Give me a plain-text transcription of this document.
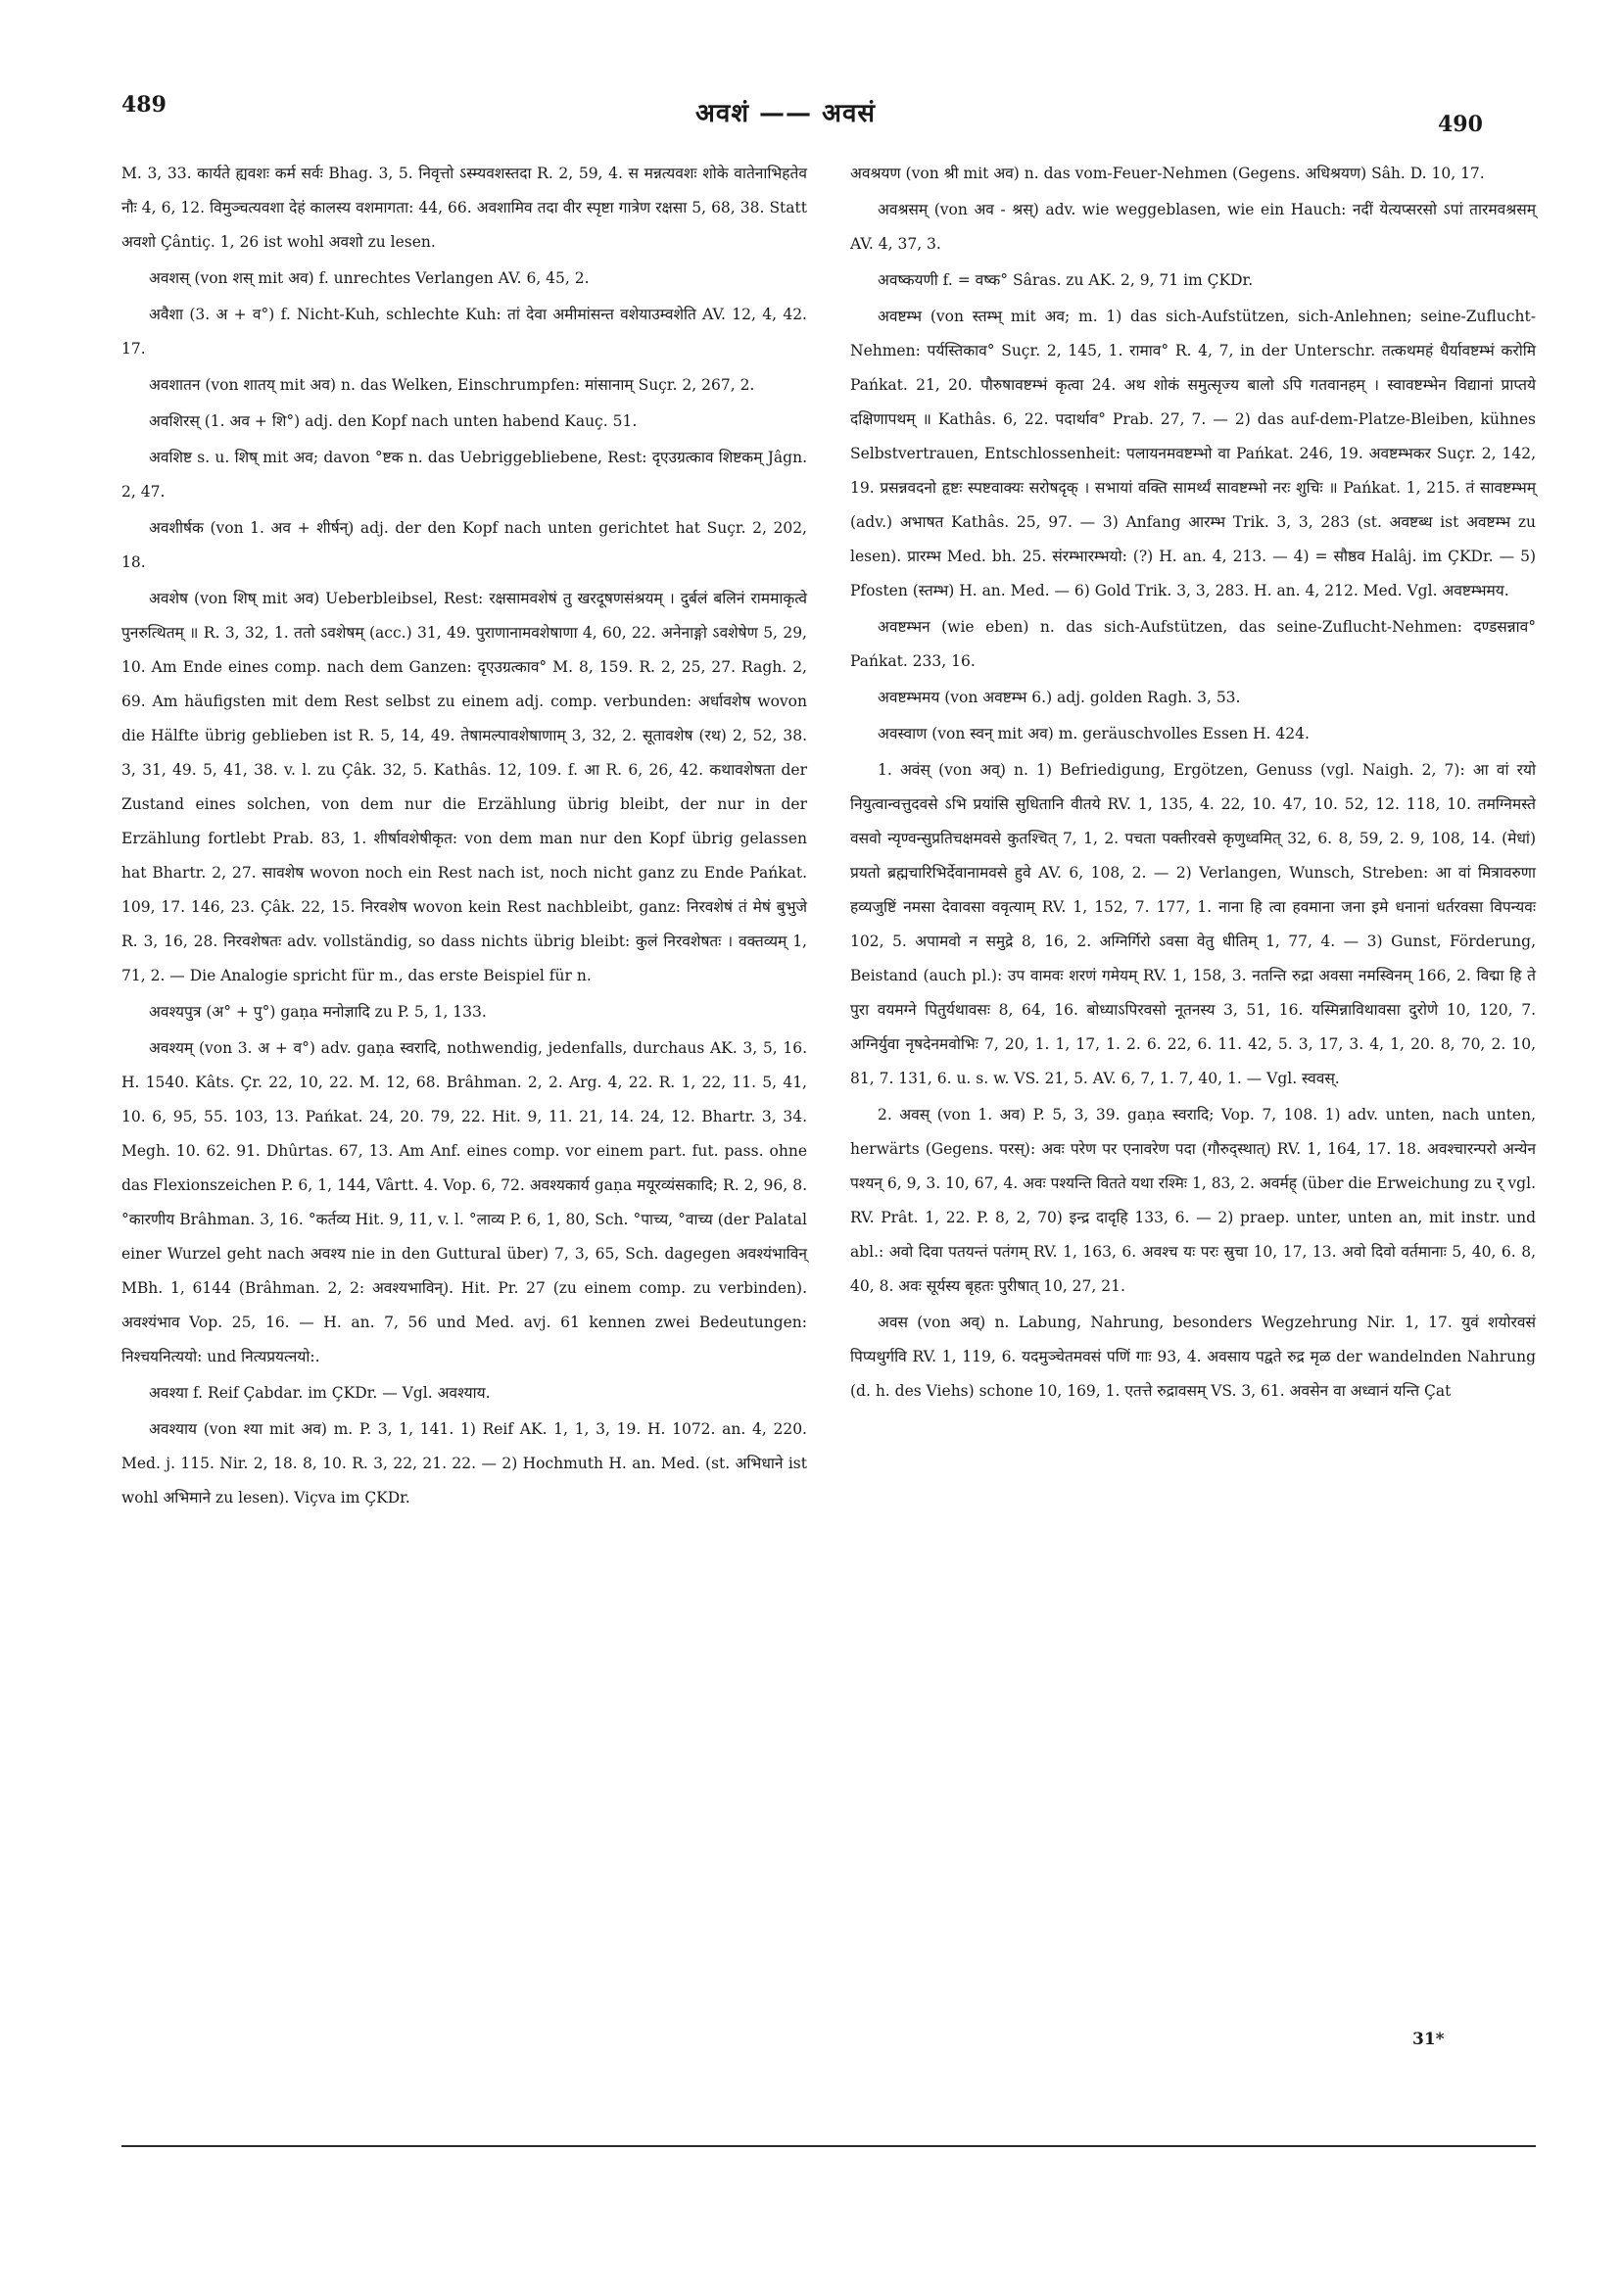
489	अवशं —— अवसं	490

M. 3, 33. कार्यते ह्यवशः कर्म सर्वः Bhag. 3, 5. निवृत्तो ऽस्म्यवशस्तदा R. 2, 59, 4. स मन्नत्यवशः शोके वातेनाभिहतेव नौः 4, 6, 12. विमुञ्चत्यवशा देहं कालस्य वशमागता: 44, 66. अवशामिव तदा वीर स्पृष्टा गात्रेण रक्षसा 5, 68, 38. Statt अवशो Çântiç. 1, 26 ist wohl अवशो zu lesen.

अवशस् (von शस् mit अव) f. unrechtes Verlangen AV. 6, 45, 2.

अवैशा (3. अ + व°) f. Nicht-Kuh, schlechte Kuh: तां देवा अमीमांसन्त वशेयाउम्वशेति AV. 12, 4, 42. 17.

अवशातन (von शातय् mit अव) n. das Welken, Einschrumpfen: मांसानाम् Suçr. 2, 267, 2.

अवशिरस् (1. अव + शि°) adj. den Kopf nach unten habend Kauç. 51.

अवशिष्ट s. u. शिष् mit अव; davon °ष्टक n. das Uebriggebliebene, Rest: दृएउग्रत्काव शिष्टकम् Jâgn. 2, 47.

अवशीर्षक (von 1. अव + शीर्षन्) adj. der den Kopf nach unten gerichtet hat Suçr. 2, 202, 18.

अवशेष (von शिष् mit अव) Ueberbleibsel, Rest: रक्षसामवशेषं तु खरदूषणसंश्रयम् । दुर्बलं बलिनं राममाकृत्वे पुनरुत्थितम् ॥ R. 3, 32, 1. ततो ऽवशेषम् (acc.) 31, 49. पुराणानामवशेषाणा 4, 60, 22. अनेनाङ्गो ऽवशेषेण 5, 29, 10. Am Ende eines comp. nach dem Ganzen: दृएउग्रत्काव° M. 8, 159. R. 2, 25, 27. Ragh. 2, 69. Am häufigsten mit dem Rest selbst zu einem adj. comp. verbunden: अर्धावशेष wovon die Hälfte übrig geblieben ist R. 5, 14, 49. तेषामल्पावशेषाणाम् 3, 32, 2. सूतावशेष (रथ) 2, 52, 38. 3, 31, 49. 5, 41, 38. v. l. zu Çâk. 32, 5. Kathâs. 12, 109. f. आ R. 6, 26, 42. कथावशेषता der Zustand eines solchen, von dem nur die Erzählung übrig bleibt, der nur in der Erzählung fortlebt Prab. 83, 1. शीर्षावशेषीकृत: von dem man nur den Kopf übrig gelassen hat Bhartr. 2, 27. सावशेष wovon noch ein Rest nach ist, noch nicht ganz zu Ende Pańkat. 109, 17. 146, 23. Çâk. 22, 15. निरवशेष wovon kein Rest nachbleibt, ganz: निरवशेषं तं मेषं बुभुजे R. 3, 16, 28. निरवशेषतः adv. vollständig, so dass nichts übrig bleibt: कुलं निरवशेषतः । वक्तव्यम् 1, 71, 2. — Die Analogie spricht für m., das erste Beispiel für n.

अवश्यपुत्र (अ° + पु°) gaṇa मनोज्ञादि zu P. 5, 1, 133.

अवश्यम् (von 3. अ + व°) adv. gaṇa स्वरादि, nothwendig, jedenfalls, durchaus AK. 3, 5, 16. H. 1540. Kâts. Çr. 22, 10, 22. M. 12, 68. Brâhman. 2, 2. Arg. 4, 22. R. 1, 22, 11. 5, 41, 10. 6, 95, 55. 103, 13. Pańkat. 24, 20. 79, 22. Hit. 9, 11. 21, 14. 24, 12. Bhartr. 3, 34. Megh. 10. 62. 91. Dhûrtas. 67, 13. Am Anf. eines comp. vor einem part. fut. pass. ohne das Flexionszeichen P. 6, 1, 144, Vârtt. 4. Vop. 6, 72. अवश्यकार्य gaṇa मयूरव्यंसकादि; R. 2, 96, 8. °कारणीय Brâhman. 3, 16. °कर्तव्य Hit. 9, 11, v. l. °लाव्य P. 6, 1, 80, Sch. °पाच्य, °वाच्य (der Palatal einer Wurzel geht nach अवश्य nie in den Guttural über) 7, 3, 65, Sch. dagegen अवश्यंभाविन् MBh. 1, 6144 (Brâhman. 2, 2: अवश्यभाविन्). Hit. Pr. 27 (zu einem comp. zu verbinden). अवश्यंभाव Vop. 25, 16. — H. an. 7, 56 und Med. avj. 61 kennen zwei Bedeutungen: निश्चयनित्ययो: und नित्यप्रयत्नयो:.

अवश्या f. Reif Çabdar. im ÇKDr. — Vgl. अवश्याय.

अवश्याय (von श्या mit अव) m. P. 3, 1, 141. 1) Reif AK. 1, 1, 3, 19. H. 1072. an. 4, 220. Med. j. 115. Nir. 2, 18. 8, 10. R. 3, 22, 21. 22. — 2) Hochmuth H. an. Med. (st. अभिधाने ist wohl अभिमाने zu lesen). Viçva im ÇKDr.

अवश्रयण (von श्री mit अव) n. das vom-Feuer-Nehmen (Gegens. अधिश्रयण) Sâh. D. 10, 17.

अवश्रसम् (von अव - श्रस्) adv. wie weggeblasen, wie ein Hauch: नदीं येत्यप्सरसो ऽपां तारमवश्रसम् AV. 4, 37, 3.

अवष्कयणी f. = वष्क° Sâras. zu AK. 2, 9, 71 im ÇKDr.

अवष्टम्भ (von स्तम्भ् mit अव; m. 1) das sich-Aufstützen, sich-Anlehnen; seine-Zuflucht-Nehmen: पर्यस्तिकाव° Suçr. 2, 145, 1. रामाव° R. 4, 7, in der Unterschr. तत्कथमहं धैर्यावष्टम्भं करोमि Pańkat. 21, 20. पौरुषावष्टम्भं कृत्वा 24. अथ शोकं समुत्सृज्य बालो ऽपि गतवानहम् । स्वावष्टम्भेन विद्यानां प्राप्तये दक्षिणापथम् ॥ Kathâs. 6, 22. पदार्थाव° Prab. 27, 7. — 2) das auf-dem-Platze-Bleiben, kühnes Selbstvertrauen, Entschlossenheit: पलायनमवष्टम्भो वा Pańkat. 246, 19. अवष्टम्भकर Suçr. 2, 142, 19. प्रसन्नवदनो हृष्टः स्पष्टवाक्यः सरोषदृक् । सभायां वक्ति सामर्थ्यं सावष्टम्भो नरः शुचिः ॥ Pańkat. 1, 215. तं सावष्टम्भम् (adv.) अभाषत Kathâs. 25, 97. — 3) Anfang आरम्भ Trik. 3, 3, 283 (st. अवष्टब्ध ist अवष्टम्भ zu lesen). प्रारम्भ Med. bh. 25. संरम्भारम्भयो: (?) H. an. 4, 213. — 4) = सौष्ठव Halâj. im ÇKDr. — 5) Pfosten (स्तम्भ) H. an. Med. — 6) Gold Trik. 3, 3, 283. H. an. 4, 212. Med. Vgl. अवष्टम्भमय.

अवष्टम्भन (wie eben) n. das sich-Aufstützen, das seine-Zuflucht-Nehmen: दण्डसन्नाव° Pańkat. 233, 16.

अवष्टम्भमय (von अवष्टम्भ 6.) adj. golden Ragh. 3, 53.

अवस्वाण (von स्वन् mit अव) m. geräuschvolles Essen H. 424.

1. अवंस् (von अव्) n. 1) Befriedigung, Ergötzen, Genuss (vgl. Naigh. 2, 7): आ वां रयो नियुत्वान्वत्तुदवसे ऽभि प्रयांसि सुधितानि वीतये RV. 1, 135, 4. 22, 10. 47, 10. 52, 12. 118, 10. तमग्निमस्ते वसवो न्यृण्वन्सुप्रतिचक्षमवसे कुतश्चित् 7, 1, 2. पचता पक्तीरवसे कृणुध्वमित् 32, 6. 8, 59, 2. 9, 108, 14. (मेधां) प्रयतो ब्रह्मचारिभिर्देवानामवसे हुवे AV. 6, 108, 2. — 2) Verlangen, Wunsch, Streben: आ वां मित्रावरुणा हव्यजुष्टिं नमसा देवावसा ववृत्याम् RV. 1, 152, 7. 177, 1. नाना हि त्वा हवमाना जना इमे धनानां धर्तरवसा विपन्यवः 102, 5. अपामवो न समुद्रे 8, 16, 2. अग्निर्गिरो ऽवसा वेतु धीतिम् 1, 77, 4. — 3) Gunst, Förderung, Beistand (auch pl.): उप वामवः शरणं गमेयम् RV. 1, 158, 3. नतन्ति रुद्रा अवसा नमस्विनम् 166, 2. विद्मा हि ते पुरा वयमग्ने पितुर्यथावसः 8, 64, 16. बोध्याऽपिरवसो नूतनस्य 3, 51, 16. यस्मिन्नाविथावसा दुरोणे 10, 120, 7. अग्निर्युवा नृषदेनमवोभिः 7, 20, 1. 1, 17, 1. 2. 6. 22, 6. 11. 42, 5. 3, 17, 3. 4, 1, 20. 8, 70, 2. 10, 81, 7. 131, 6. u. s. w. VS. 21, 5. AV. 6, 7, 1. 7, 40, 1. — Vgl. स्ववस्.

2. अवस् (von 1. अव) P. 5, 3, 39. gaṇa स्वरादि; Vop. 7, 108. 1) adv. unten, nach unten, herwärts (Gegens. परस्): अवः परेण पर एनावरेण पदा (गौरुद्स्थात्) RV. 1, 164, 17. 18. अवश्चारन्परो अन्येन पश्यन् 6, 9, 3. 10, 67, 4. अवः पश्यन्ति वितते यथा रश्मिः 1, 83, 2. अवर्मह् (über die Erweichung zu र् vgl. RV. Prât. 1, 22. P. 8, 2, 70) इन्द्र दादृहि 133, 6. — 2) praep. unter, unten an, mit instr. und abl.: अवो दिवा पतयन्तं पतंगम् RV. 1, 163, 6. अवश्च यः परः स्रुचा 10, 17, 13. अवो दिवो वर्तमानाः 5, 40, 6. 8, 40, 8. अवः सूर्यस्य बृहतः पुरीषात् 10, 27, 21.

अवस (von अव्) n. Labung, Nahrung, besonders Wegzehrung Nir. 1, 17. युवं शयोरवसं पिप्यथुर्गवि RV. 1, 119, 6. यदमुञ्चेतमवसं पणिं गाः 93, 4. अवसाय पद्वते रुद्र मृळ der wandelnden Nahrung (d. h. des Viehs) schone 10, 169, 1. एतत्ते रुद्रावसम् VS. 3, 61. अवसेन वा अध्वानं यन्ति Çat

31*
